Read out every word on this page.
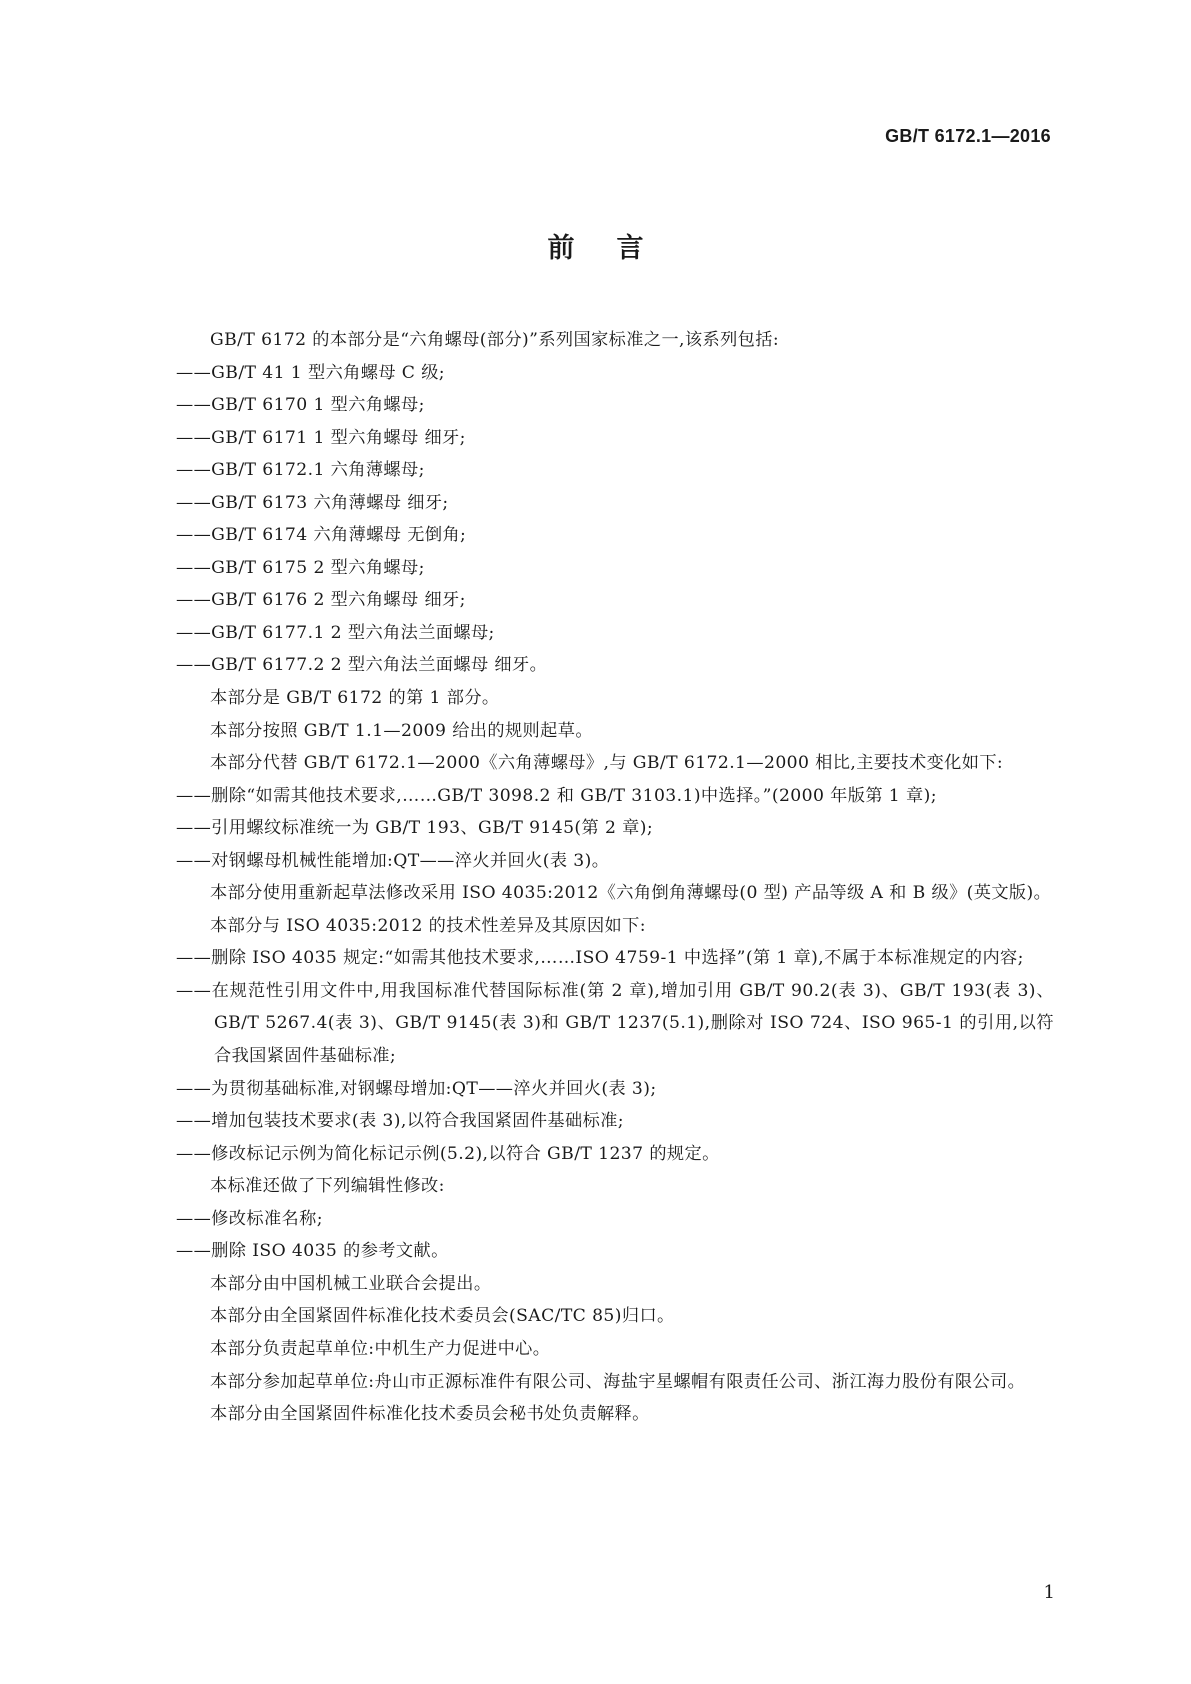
GB/T 6172.1—2016
前言

GB/T 6172 的本部分是“六角螺母(部分)”系列国家标准之一,该系列包括:

——GB/T 41 1 型六角螺母 C 级;

——GB/T 6170 1 型六角螺母;

——GB/T 6171 1 型六角螺母 细牙;

——GB/T 6172.1 六角薄螺母;

——GB/T 6173 六角薄螺母 细牙;

——GB/T 6174 六角薄螺母 无倒角;

——GB/T 6175 2 型六角螺母;

——GB/T 6176 2 型六角螺母 细牙;

——GB/T 6177.1 2 型六角法兰面螺母;

——GB/T 6177.2 2 型六角法兰面螺母 细牙。

本部分是 GB/T 6172 的第 1 部分。

本部分按照 GB/T 1.1—2009 给出的规则起草。

本部分代替 GB/T 6172.1—2000《六角薄螺母》,与 GB/T 6172.1—2000 相比,主要技术变化如下:

——删除“如需其他技术要求,……GB/T 3098.2 和 GB/T 3103.1)中选择。”(2000 年版第 1 章);

——引用螺纹标准统一为 GB/T 193、GB/T 9145(第 2 章);

——对钢螺母机械性能增加:QT——淬火并回火(表 3)。

本部分使用重新起草法修改采用 ISO 4035:2012《六角倒角薄螺母(0 型) 产品等级 A 和 B 级》(英文版)。

本部分与 ISO 4035:2012 的技术性差异及其原因如下:

——删除 ISO 4035 规定:“如需其他技术要求,……ISO 4759-1 中选择”(第 1 章),不属于本标准规定的内容;

——在规范性引用文件中,用我国标准代替国际标准(第 2 章),增加引用 GB/T 90.2(表 3)、GB/T 193(表 3)、GB/T 5267.4(表 3)、GB/T 9145(表 3)和 GB/T 1237(5.1),删除对 ISO 724、ISO 965-1 的引用,以符合我国紧固件基础标准;

——为贯彻基础标准,对钢螺母增加:QT——淬火并回火(表 3);

——增加包装技术要求(表 3),以符合我国紧固件基础标准;

——修改标记示例为简化标记示例(5.2),以符合 GB/T 1237 的规定。

本标准还做了下列编辑性修改:

——修改标准名称;

——删除 ISO 4035 的参考文献。

本部分由中国机械工业联合会提出。

本部分由全国紧固件标准化技术委员会(SAC/TC 85)归口。

本部分负责起草单位:中机生产力促进中心。

本部分参加起草单位:舟山市正源标准件有限公司、海盐宇星螺帽有限责任公司、浙江海力股份有限公司。

本部分由全国紧固件标准化技术委员会秘书处负责解释。

1
